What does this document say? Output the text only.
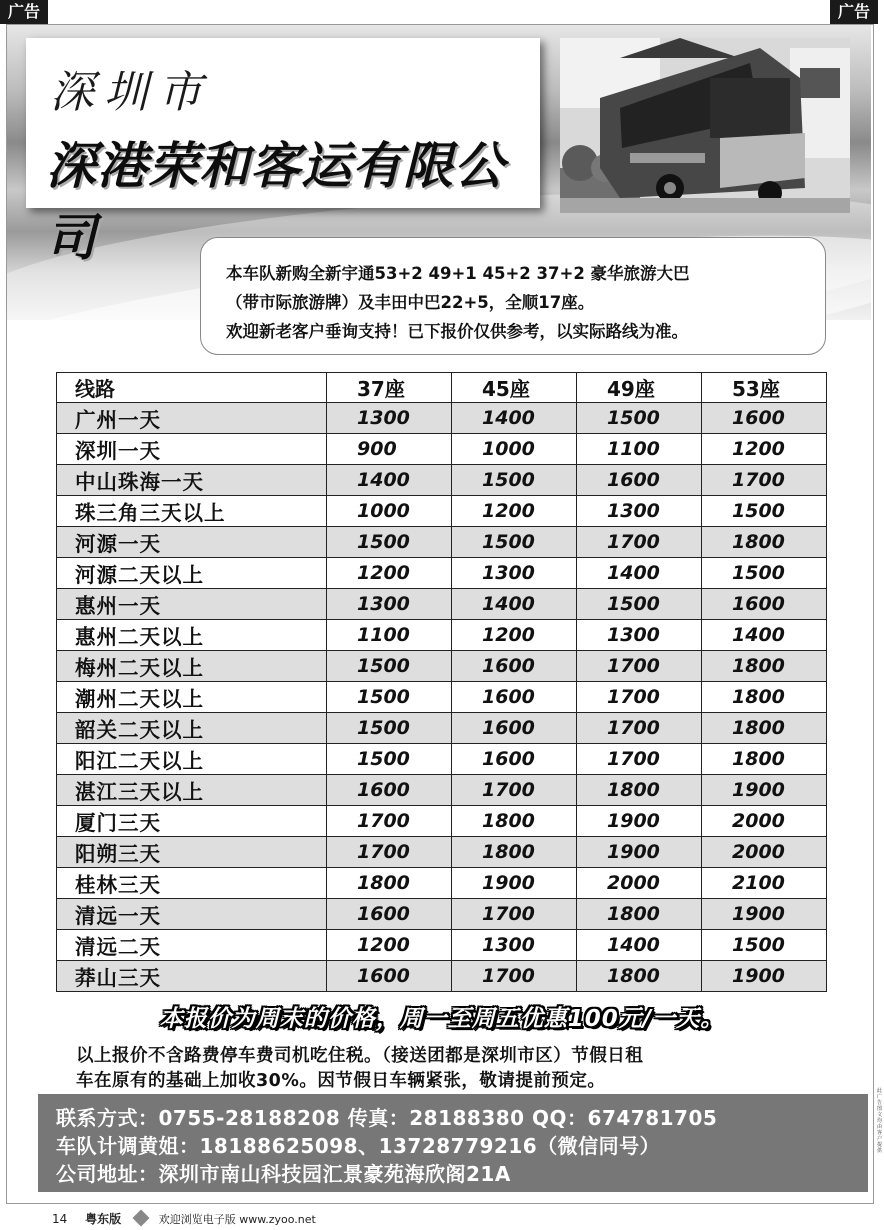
广告	广告
深圳市
深港荣和客运有限公司
本车队新购全新宇通53+2 49+1 45+2 37+2 豪华旅游大巴
（带市际旅游牌）及丰田中巴22+5，全顺17座。
欢迎新老客户垂询支持！已下报价仅供参考，以实际路线为准。
线路	37座	45座	49座	53座
广州一天	1300	1400	1500	1600
深圳一天	900	1000	1100	1200
中山珠海一天	1400	1500	1600	1700
珠三角三天以上	1000	1200	1300	1500
河源一天	1500	1500	1700	1800
河源二天以上	1200	1300	1400	1500
惠州一天	1300	1400	1500	1600
惠州二天以上	1100	1200	1300	1400
梅州二天以上	1500	1600	1700	1800
潮州二天以上	1500	1600	1700	1800
韶关二天以上	1500	1600	1700	1800
阳江二天以上	1500	1600	1700	1800
湛江三天以上	1600	1700	1800	1900
厦门三天	1700	1800	1900	2000
阳朔三天	1700	1800	1900	2000
桂林三天	1800	1900	2000	2100
清远一天	1600	1700	1800	1900
清远二天	1200	1300	1400	1500
莽山三天	1600	1700	1800	1900
本报价为周末的价格，周一至周五优惠100元/一天。
以上报价不含路费停车费司机吃住税。（接送团都是深圳市区）节假日租
车在原有的基础上加收30%。因节假日车辆紧张，敬请提前预定。
联系方式：0755-28188208 传真：28188380 QQ：674781705
车队计调黄姐：18188625098、13728779216（微信同号）
公司地址：深圳市南山科技园汇景豪苑海欣阁21A
此广告图文均由客户提供
14 粤东版	欢迎浏览电子版 www.zyoo.net
